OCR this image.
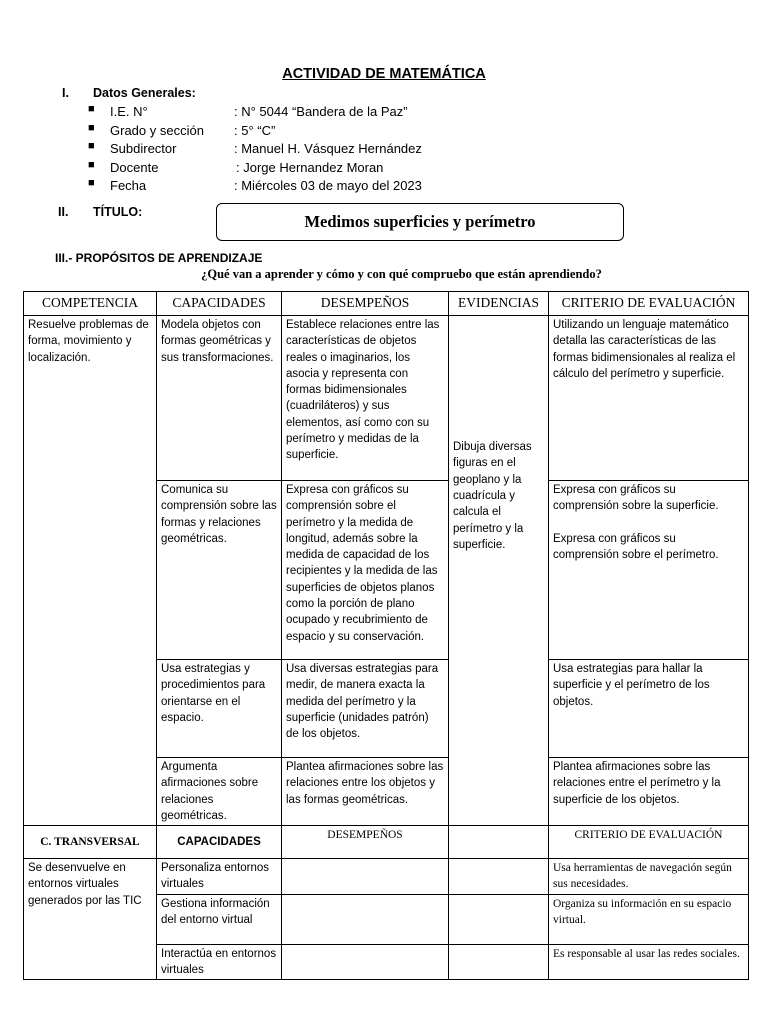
ACTIVIDAD DE MATEMÁTICA
I. Datos Generales:
■ I.E. N°	: N° 5044 “Bandera de la Paz”
■ Grado y sección : 5° “C”
■ Subdirector	: Manuel H. Vásquez Hernández
■ Docente	: Jorge Hernandez Moran
■ Fecha	: Miércoles 03 de mayo del 2023
II. TÍTULO:	Medimos superficies y perímetro
III.- PROPÓSITOS DE APRENDIZAJE
¿Qué van a aprender y cómo y con qué compruebo que están aprendiendo?
COMPETENCIA	CAPACIDADES	DESEMPEÑOS	EVIDENCIAS	CRITERIO DE EVALUACIÓN
Resuelve problemas de forma, movimiento y localización.	Modela objetos con formas geométricas y sus transformaciones.	Establece relaciones entre las características de objetos reales o imaginarios, los asocia y representa con formas bidimensionales (cuadriláteros) y sus elementos, así como con su perímetro y medidas de la superficie.	Dibuja diversas figuras en el geoplano y la cuadrícula y calcula el perímetro y la superficie.	Utilizando un lenguaje matemático detalla las características de las formas bidimensionales al realiza el cálculo del perímetro y superficie.
	Comunica su comprensión sobre las formas y relaciones geométricas.	Expresa con gráficos su comprensión sobre el perímetro y la medida de longitud, además sobre la medida de capacidad de los recipientes y la medida de las superficies de objetos planos como la porción de plano ocupado y recubrimiento de espacio y su conservación.		Expresa con gráficos su comprensión sobre la superficie.
Expresa con gráficos su comprensión sobre el perímetro.

	Usa estrategias y procedimientos para orientarse en el espacio.	Usa diversas estrategias para medir, de manera exacta la medida del perímetro y la superficie (unidades patrón) de los objetos.		Usa estrategias para hallar la superficie y el perímetro de los objetos.
	Argumenta afirmaciones sobre relaciones geométricas.	Plantea afirmaciones sobre las relaciones entre los objetos y las formas geométricas.		Plantea afirmaciones sobre las relaciones entre el perímetro y la superficie de los objetos.
C. TRANSVERSAL	CAPACIDADES	DESEMPEÑOS		CRITERIO DE EVALUACIÓN
Se desenvuelve en entornos virtuales generados por las TIC	Personaliza entornos virtuales			Usa herramientas de navegación según sus necesidades.
	Gestiona información del entorno virtual			Organiza su información en su espacio virtual.
	Interactúa en entornos virtuales			Es responsable al usar las redes sociales.
